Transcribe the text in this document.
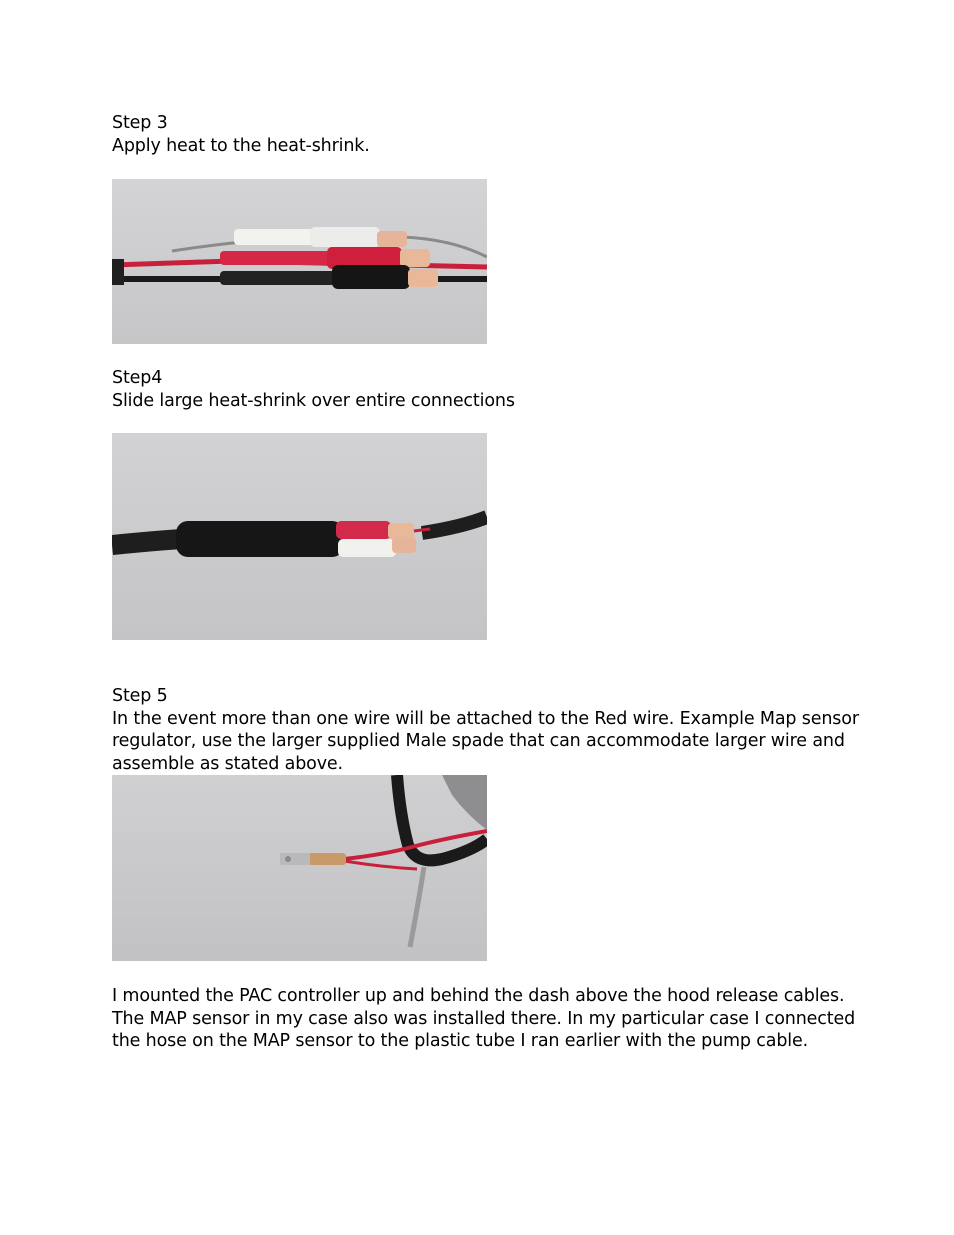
Step 3
Apply heat to the heat-shrink.
Step4
Slide large heat-shrink over entire connections
Step 5
In the event more than one wire will be attached to the Red wire. Example Map sensor
regulator, use the larger supplied Male spade that can accommodate larger wire and
assemble as stated above.
I mounted the PAC controller up and behind the dash above the hood release cables.
The MAP sensor in my case also was installed there. In my particular case I connected
the hose on the MAP sensor to the plastic tube I ran earlier with the pump cable.
